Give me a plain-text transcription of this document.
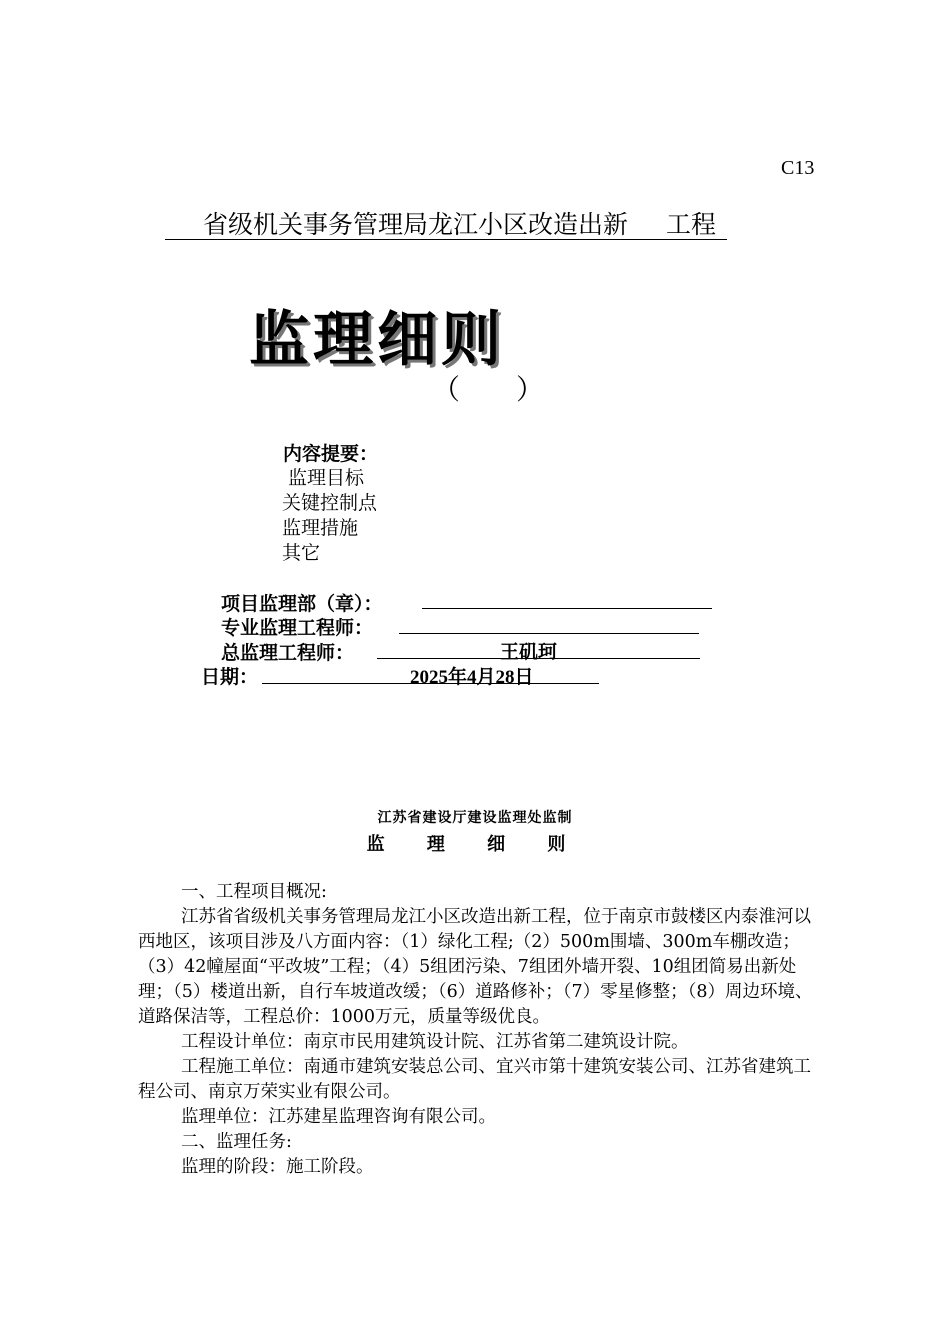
C13
省级机关事务管理局龙江小区改造出新 工程
监理细则
（　　）
内容提要：
监理目标
关键控制点
监理措施
其它
项目监理部（章）：
专业监理工程师：
总监理工程师：	王矶珂
日期：	2025年4月28日
江苏省建设厅建设监理处监制
监 理 细 则

一、工程项目概况:

江苏省省级机关事务管理局龙江小区改造出新工程，位于南京市鼓楼区内泰淮河以西地区，该项目涉及八方面内容：（1）绿化工程;（2）500m围墙、300m车棚改造；（3）42幢屋面“平改坡”工程；（4）5组团污染、7组团外墙开裂、10组团简易出新处理；（5）楼道出新，自行车坡道改缓；（6）道路修补；（7）零星修整；（8）周边环境、道路保洁等，工程总价：1000万元，质量等级优良。

工程设计单位：南京市民用建筑设计院、江苏省第二建筑设计院。

工程施工单位：南通市建筑安装总公司、宜兴市第十建筑安装公司、江苏省建筑工程公司、南京万荣实业有限公司。

监理单位：江苏建星监理咨询有限公司。

二、监理任务:

监理的阶段：施工阶段。
